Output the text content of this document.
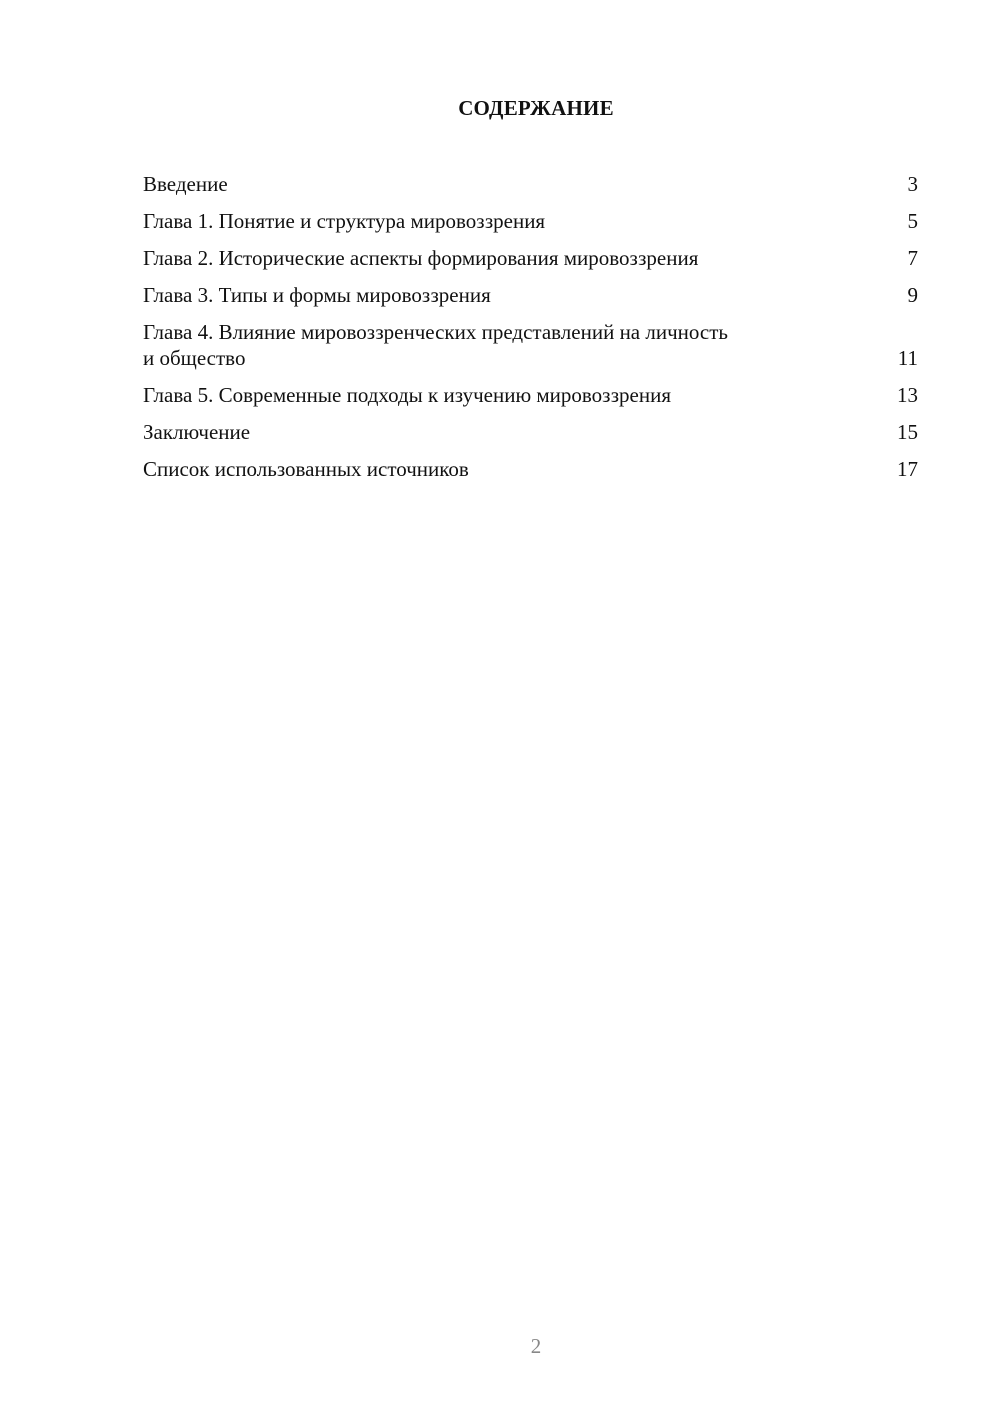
СОДЕРЖАНИЕ
Введение	3
Глава 1. Понятие и структура мировоззрения	5
Глава 2. Исторические аспекты формирования мировоззрения	7
Глава 3. Типы и формы мировоззрения	9
Глава 4. Влияние мировоззренческих представлений на личность и общество	11
Глава 5. Современные подходы к изучению мировоззрения	13
Заключение	15
Список использованных источников	17
2
